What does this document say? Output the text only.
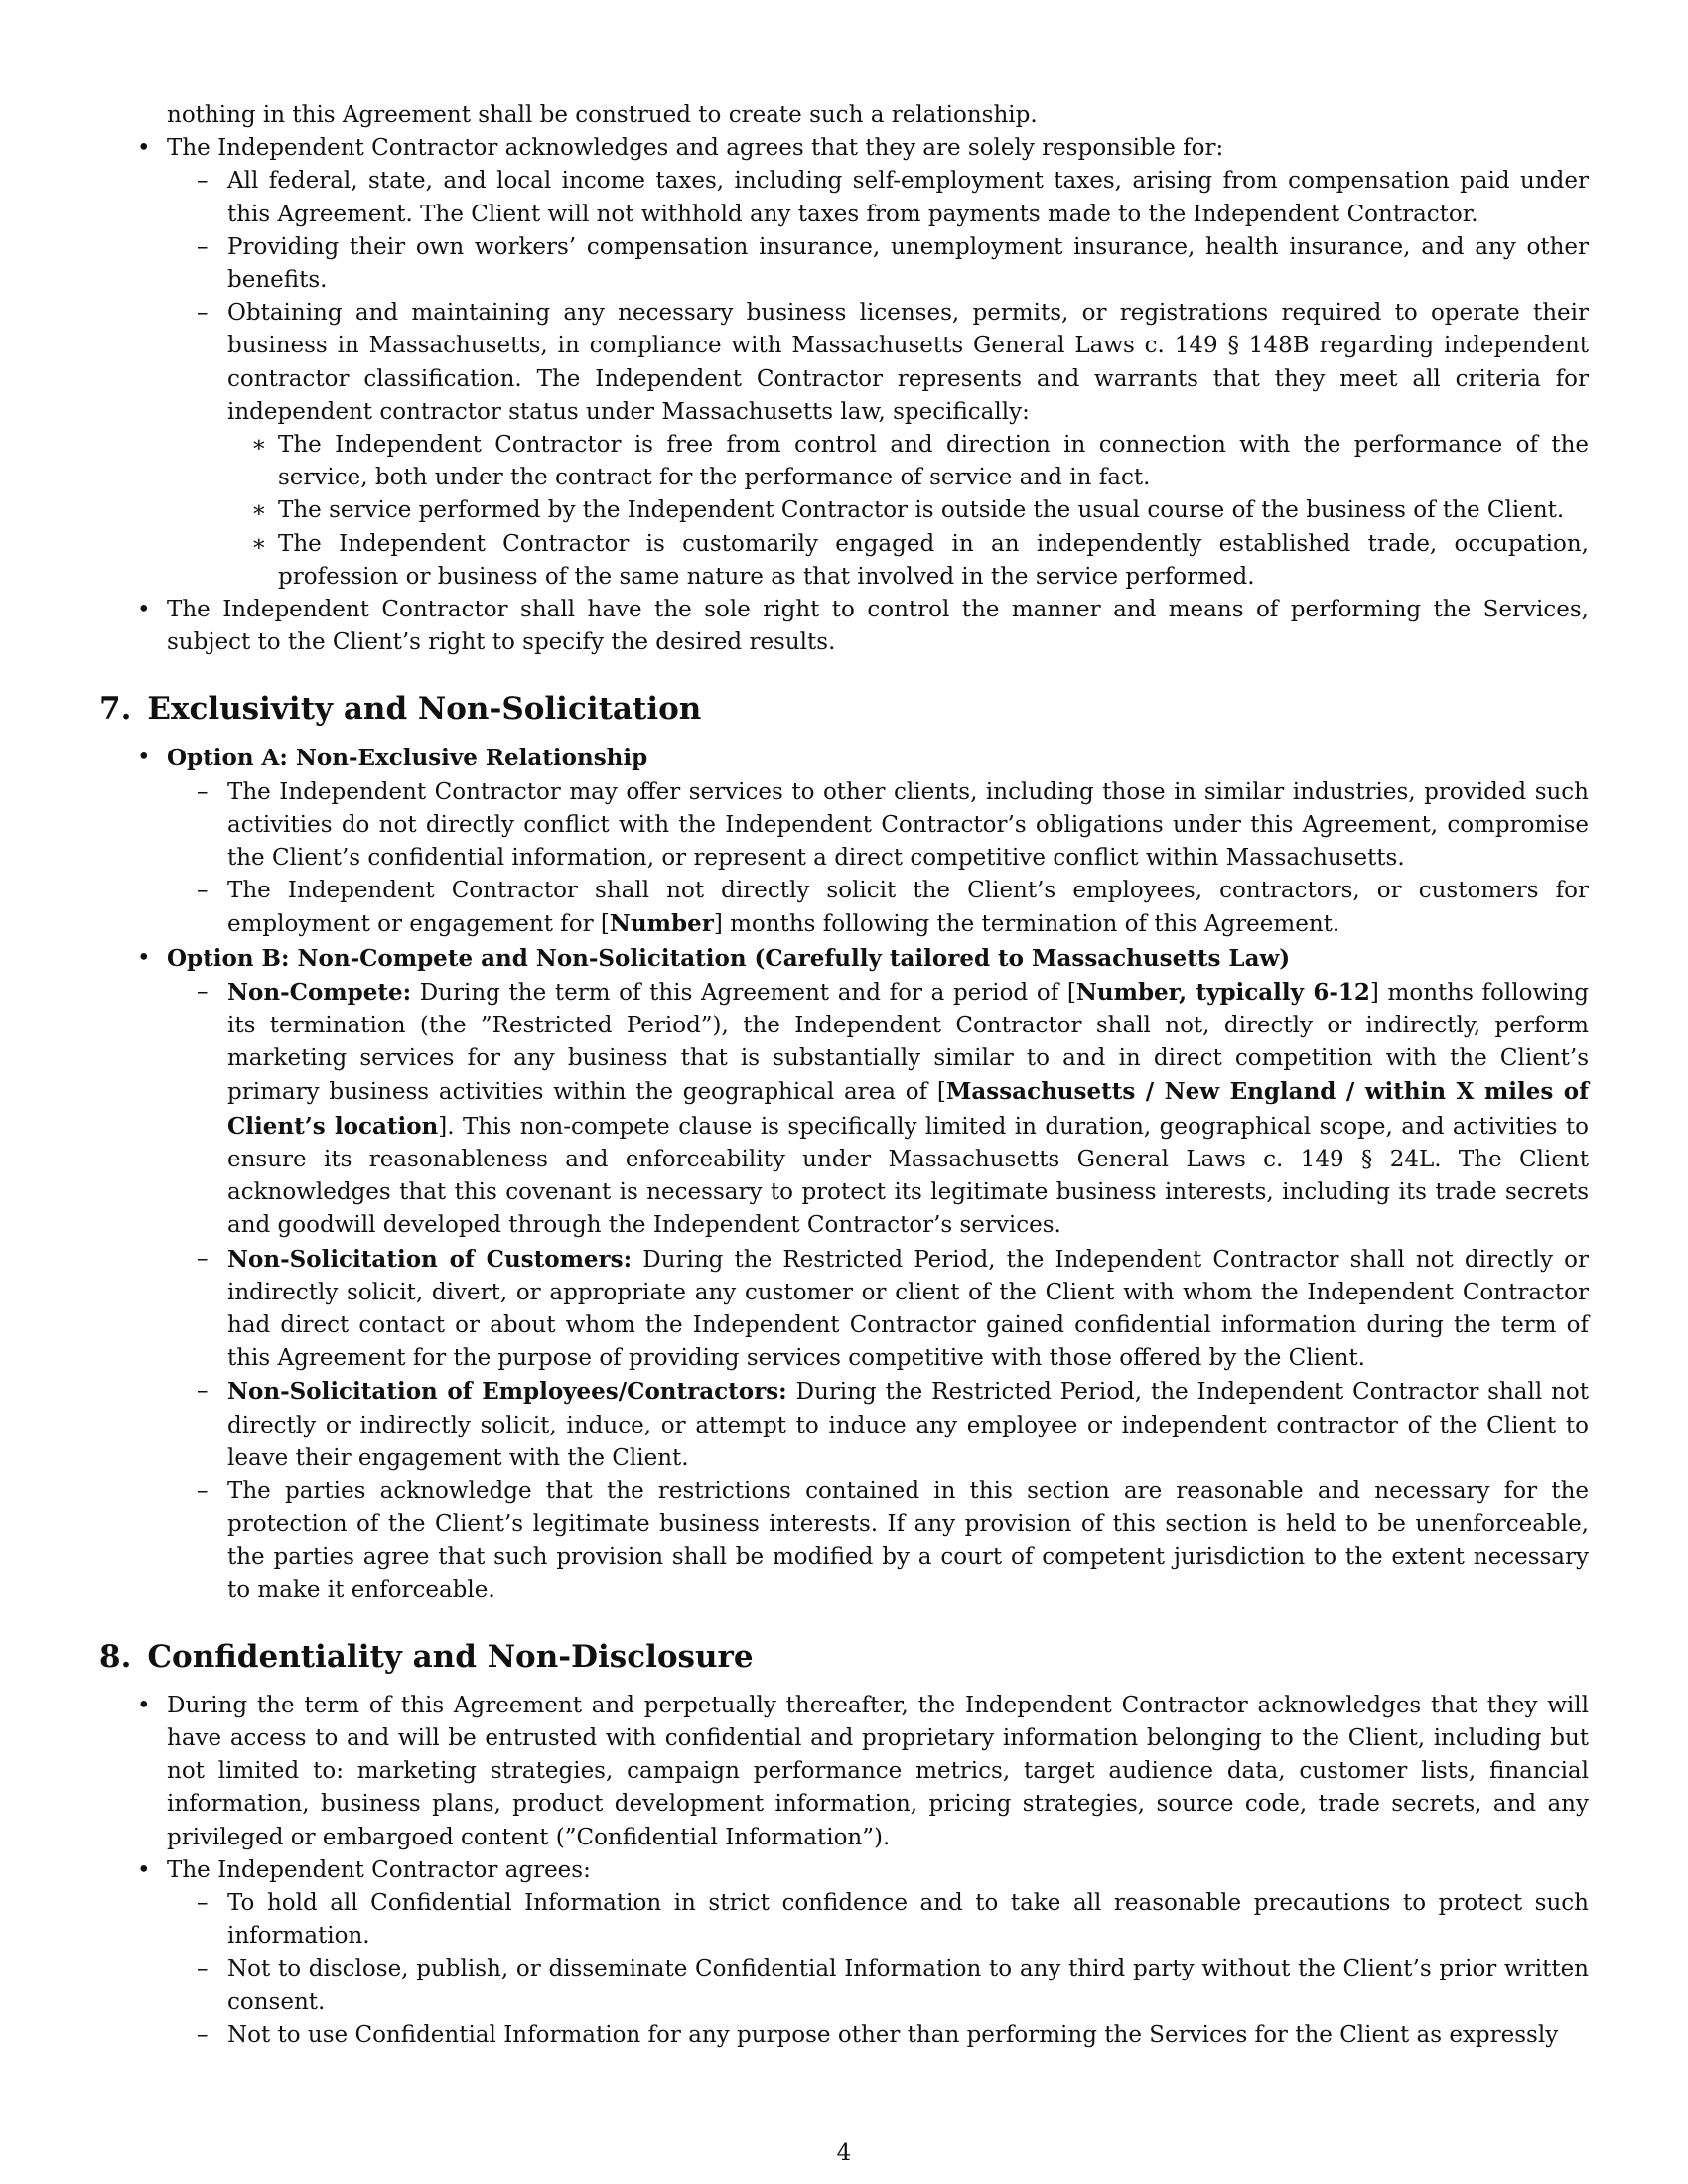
nothing in this Agreement shall be construed to create such a relationship.
• The Independent Contractor acknowledges and agrees that they are solely responsible for:
– All federal, state, and local income taxes, including self-employment taxes, arising from compensation paid under this Agreement. The Client will not withhold any taxes from payments made to the Independent Contractor.
– Providing their own workers’ compensation insurance, unemployment insurance, health insurance, and any other benefits.
– Obtaining and maintaining any necessary business licenses, permits, or registrations required to operate their business in Massachusetts, in compliance with Massachusetts General Laws c. 149 § 148B regarding independent contractor classification. The Independent Contractor represents and warrants that they meet all criteria for independent contractor status under Massachusetts law, specifically:
∗ The Independent Contractor is free from control and direction in connection with the performance of the service, both under the contract for the performance of service and in fact.
∗ The service performed by the Independent Contractor is outside the usual course of the business of the Client.
∗ The Independent Contractor is customarily engaged in an independently established trade, occupation, profession or business of the same nature as that involved in the service performed.
• The Independent Contractor shall have the sole right to control the manner and means of performing the Services, subject to the Client’s right to specify the desired results.
7. Exclusivity and Non-Solicitation
• Option A: Non-Exclusive Relationship
– The Independent Contractor may offer services to other clients, including those in similar industries, provided such activities do not directly conflict with the Independent Contractor’s obligations under this Agreement, compromise the Client’s confidential information, or represent a direct competitive conflict within Massachusetts.
– The Independent Contractor shall not directly solicit the Client’s employees, contractors, or customers for employment or engagement for [Number] months following the termination of this Agreement.
• Option B: Non-Compete and Non-Solicitation (Carefully tailored to Massachusetts Law)
– Non-Compete: During the term of this Agreement and for a period of [Number, typically 6-12] months following its termination (the ”Restricted Period”), the Independent Contractor shall not, directly or indirectly, perform marketing services for any business that is substantially similar to and in direct competition with the Client’s primary business activities within the geographical area of [Massachusetts / New England / within X miles of Client’s location]. This non-compete clause is specifically limited in duration, geographical scope, and activities to ensure its reasonableness and enforceability under Massachusetts General Laws c. 149 § 24L. The Client acknowledges that this covenant is necessary to protect its legitimate business interests, including its trade secrets and goodwill developed through the Independent Contractor’s services.
– Non-Solicitation of Customers: During the Restricted Period, the Independent Contractor shall not directly or indirectly solicit, divert, or appropriate any customer or client of the Client with whom the Independent Contractor had direct contact or about whom the Independent Contractor gained confidential information during the term of this Agreement for the purpose of providing services competitive with those offered by the Client.
– Non-Solicitation of Employees/Contractors: During the Restricted Period, the Independent Contractor shall not directly or indirectly solicit, induce, or attempt to induce any employee or independent contractor of the Client to leave their engagement with the Client.
– The parties acknowledge that the restrictions contained in this section are reasonable and necessary for the protection of the Client’s legitimate business interests. If any provision of this section is held to be unenforceable, the parties agree that such provision shall be modified by a court of competent jurisdiction to the extent necessary to make it enforceable.
8. Confidentiality and Non-Disclosure
• During the term of this Agreement and perpetually thereafter, the Independent Contractor acknowledges that they will have access to and will be entrusted with confidential and proprietary information belonging to the Client, including but not limited to: marketing strategies, campaign performance metrics, target audience data, customer lists, financial information, business plans, product development information, pricing strategies, source code, trade secrets, and any privileged or embargoed content (”Confidential Information”).
• The Independent Contractor agrees:
– To hold all Confidential Information in strict confidence and to take all reasonable precautions to protect such information.
– Not to disclose, publish, or disseminate Confidential Information to any third party without the Client’s prior written consent.
– Not to use Confidential Information for any purpose other than performing the Services for the Client as expressly
4
